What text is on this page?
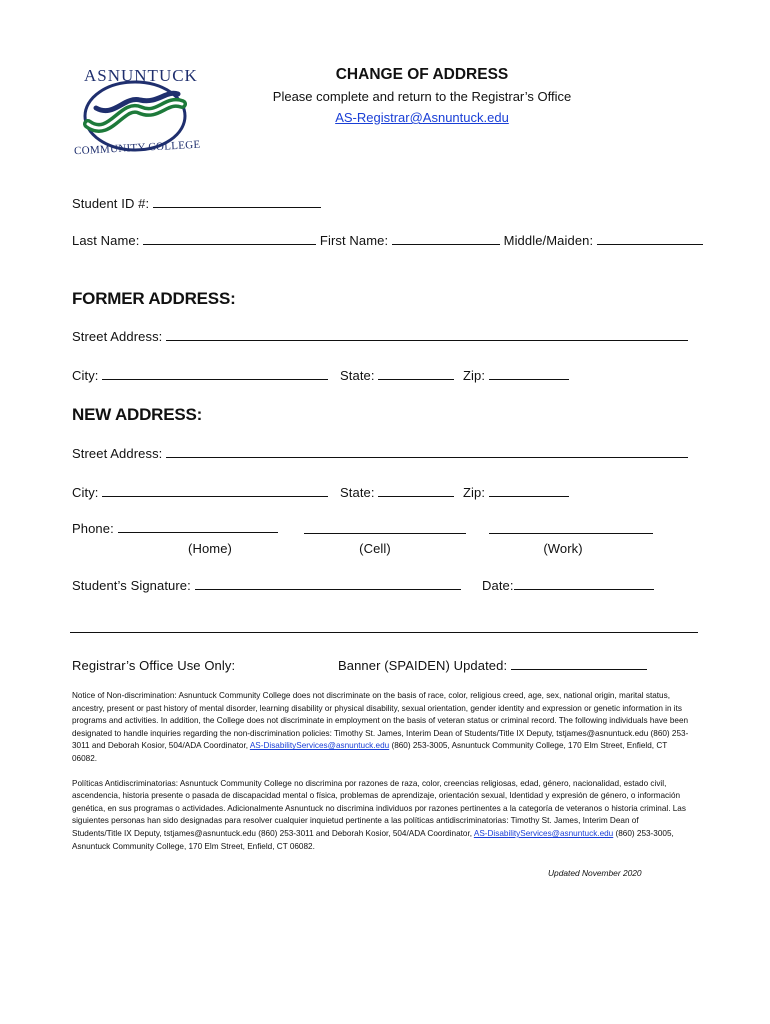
ASNUNTUCK
COMMUNITY COLLEGE
CHANGE OF ADDRESS
Please complete and return to the Registrar’s Office
AS-Registrar@Asnuntuck.edu
Student ID #:
Last Name:	First Name:	Middle/Maiden:
FORMER ADDRESS:
Street Address:
City:	State:	Zip:
NEW ADDRESS:
Street Address:
City:	State:	Zip:
Phone:
(Home)	(Cell)	(Work)
Student’s Signature:	Date:
Registrar’s Office Use Only:	Banner (SPAIDEN) Updated:

Notice of Non-discrimination: Asnuntuck Community College does not discriminate on the basis of race, color, religious creed, age, sex, national origin, marital status, ancestry, present or past history of mental disorder, learning disability or physical disability, sexual orientation, gender identity and expression or genetic information in its programs and activities. In addition, the College does not discriminate in employment on the basis of veteran status or criminal record. The following individuals have been designated to handle inquiries regarding the non-discrimination policies: Timothy St. James, Interim Dean of Students/Title IX Deputy, tstjames@asnuntuck.edu (860) 253-3011 and Deborah Kosior, 504/ADA Coordinator, AS-DisabilityServices@asnuntuck.edu (860) 253-3005, Asnuntuck Community College, 170 Elm Street, Enfield, CT 06082.

Políticas Antidiscriminatorias: Asnuntuck Community College no discrimina por razones de raza, color, creencias religiosas, edad, género, nacionalidad, estado civil, ascendencia, historia presente o pasada de discapacidad mental o física, problemas de aprendizaje, orientación sexual, Identidad y expresión de género, o información genética, en sus programas o actividades. Adicionalmente Asnuntuck no discrimina individuos por razones pertinentes a la categoría de veteranos o historia criminal. Las siguientes personas han sido designadas para resolver cualquier inquietud pertinente a las políticas antidiscriminatorias: Timothy St. James, Interim Dean of Students/Title IX Deputy, tstjames@asnuntuck.edu (860) 253-3011 and Deborah Kosior, 504/ADA Coordinator, AS-DisabilityServices@asnuntuck.edu (860) 253-3005, Asnuntuck Community College, 170 Elm Street, Enfield, CT 06082.

Updated November 2020
